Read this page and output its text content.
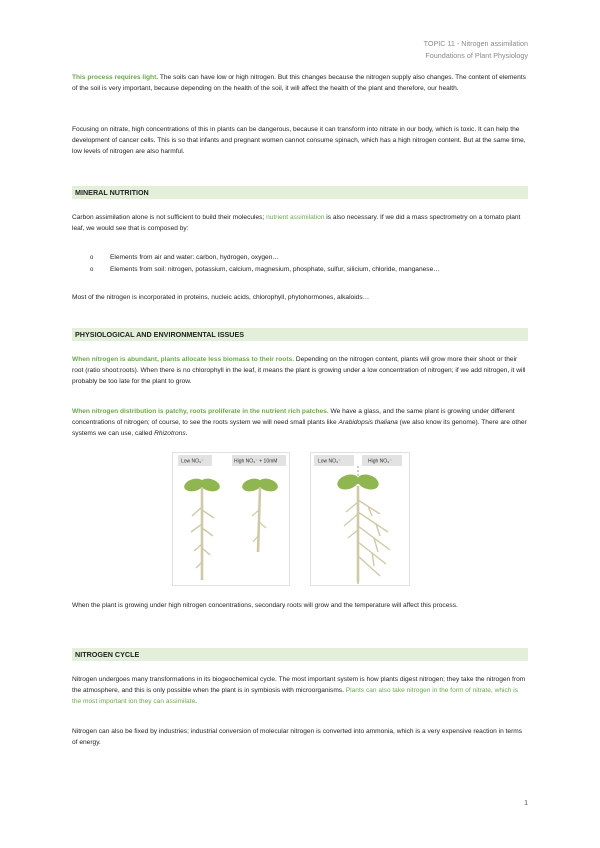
TOPIC 11 - Nitrogen assimilation
Foundations of Plant Physiology
This process requires light. The soils can have low or high nitrogen. But this changes because the nitrogen supply also changes. The content of elements of the soil is very important, because depending on the health of the soil, it will affect the health of the plant and therefore, our health.
Focusing on nitrate, high concentrations of this in plants can be dangerous, because it can transform into nitrate in our body, which is toxic. It can help the development of cancer cells. This is so that infants and pregnant women cannot consume spinach, which has a high nitrogen content. But at the same time, low levels of nitrogen are also harmful.
MINERAL NUTRITION
Carbon assimilation alone is not sufficient to build their molecules; nutrient assimilation is also necessary. If we did a mass spectrometry on a tomato plant leaf, we would see that is composed by:
o Elements from air and water: carbon, hydrogen, oxygen…
o Elements from soil: nitrogen, potassium, calcium, magnesium, phosphate, sulfur, silicium, chloride, manganese…
Most of the nitrogen is incorporated in proteins, nucleic acids, chlorophyll, phytohormones, alkaloids…
PHYSIOLOGICAL AND ENVIRONMENTAL ISSUES
When nitrogen is abundant, plants allocate less biomass to their roots. Depending on the nitrogen content, plants will grow more their shoot or their root (ratio shoot:roots). When there is no chlorophyll in the leaf, it means the plant is growing under a low concentration of nitrogen; if we add nitrogen, it will probably be too late for the plant to grow.
When nitrogen distribution is patchy, roots proliferate in the nutrient rich patches. We have a glass, and the same plant is growing under different concentrations of nitrogen; of course, to see the roots system we will need small plants like Arabidopsis thaliana (we also know its genome). There are other systems we can use, called Rhizotrons.
Low NO₃⁻	High NO₃⁻ + 10mM	Low NO₃⁻	High NO₃⁻
When the plant is growing under high nitrogen concentrations, secondary roots will grow and the temperature will affect this process.
NITROGEN CYCLE
Nitrogen undergoes many transformations in its biogeochemical cycle. The most important system is how plants digest nitrogen; they take the nitrogen from the atmosphere, and this is only possible when the plant is in symbiosis with microorganisms. Plants can also take nitrogen in the form of nitrate, which is the most important ion they can assimilate.
Nitrogen can also be fixed by industries; industrial conversion of molecular nitrogen is converted into ammonia, which is a very expensive reaction in terms of energy.
1
